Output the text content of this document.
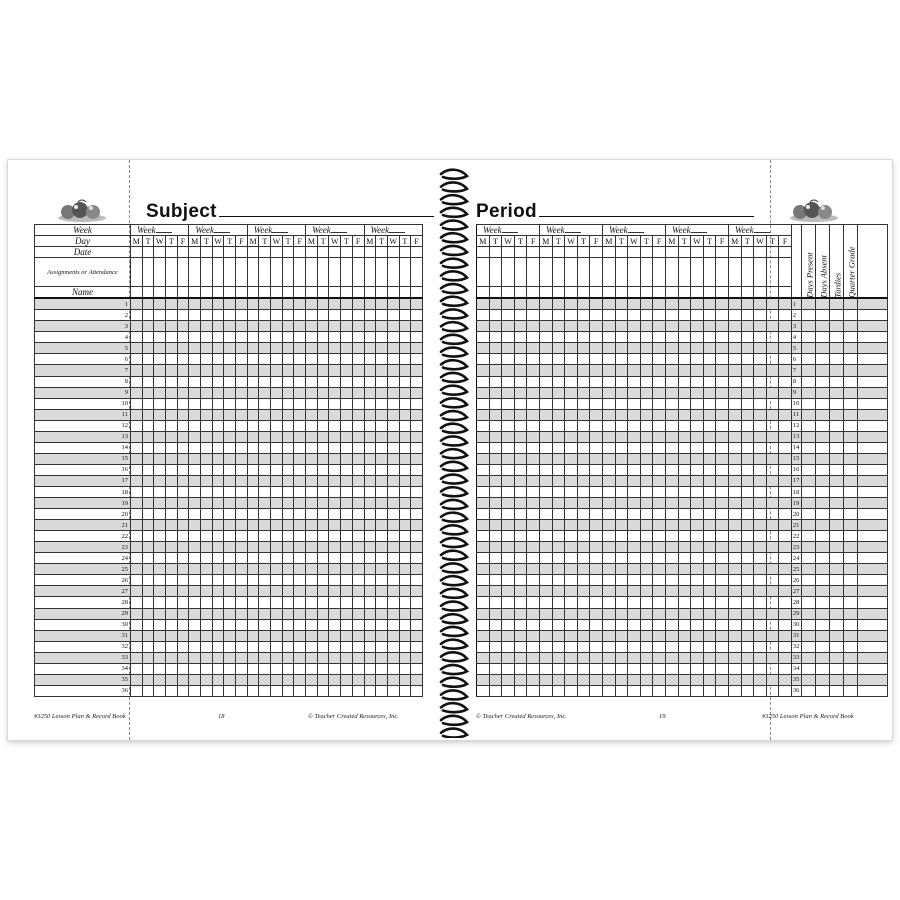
Subject
Week	Week					Week					Week					Week					Week				
Day	M	T	W	T	F	M	T	W	T	F	M	T	W	T	F	M	T	W	T	F	M	T	W	T	F
Date																									
Assignments or Attendance																									
Name																									
1																									
2																									
3																									
4																									
5																									
6																									
7																									
8																									
9																									
10																									
11																									
12																									
13																									
14																									
15																									
16																									
17																									
18																									
19																									
20																									
21																									
22																									
23																									
24																									
25																									
26																									
27																									
28																									
29																									
30																									
31																									
32																									
33																									
34																									
35																									
36																									
#3250 Lesson Plan & Record Book	18	© Teacher Created Resources, Inc.
Period
Week					Week					Week					Week					Week						Days Present	Days Absent	Tardies	Quarter Grade	
M	T	W	T	F	M	T	W	T	F	M	T	W	T	F	M	T	W	T	F	M	T	W	T	F						

																									1					
																									2					
																									3					
																									4					
																									5					
																									6					
																									7					
																									8					
																									9					
																									10					
																									11					
																									12					
																									13					
																									14					
																									15					
																									16					
																									17					
																									18					
																									19					
																									20					
																									21					
																									22					
																									23					
																									24					
																									25					
																									26					
																									27					
																									28					
																									29					
																									30					
																									31					
																									32					
																									33					
																									34					
																									35					
																									36					
© Teacher Created Resources, Inc.	19	#3250 Lesson Plan & Record Book
